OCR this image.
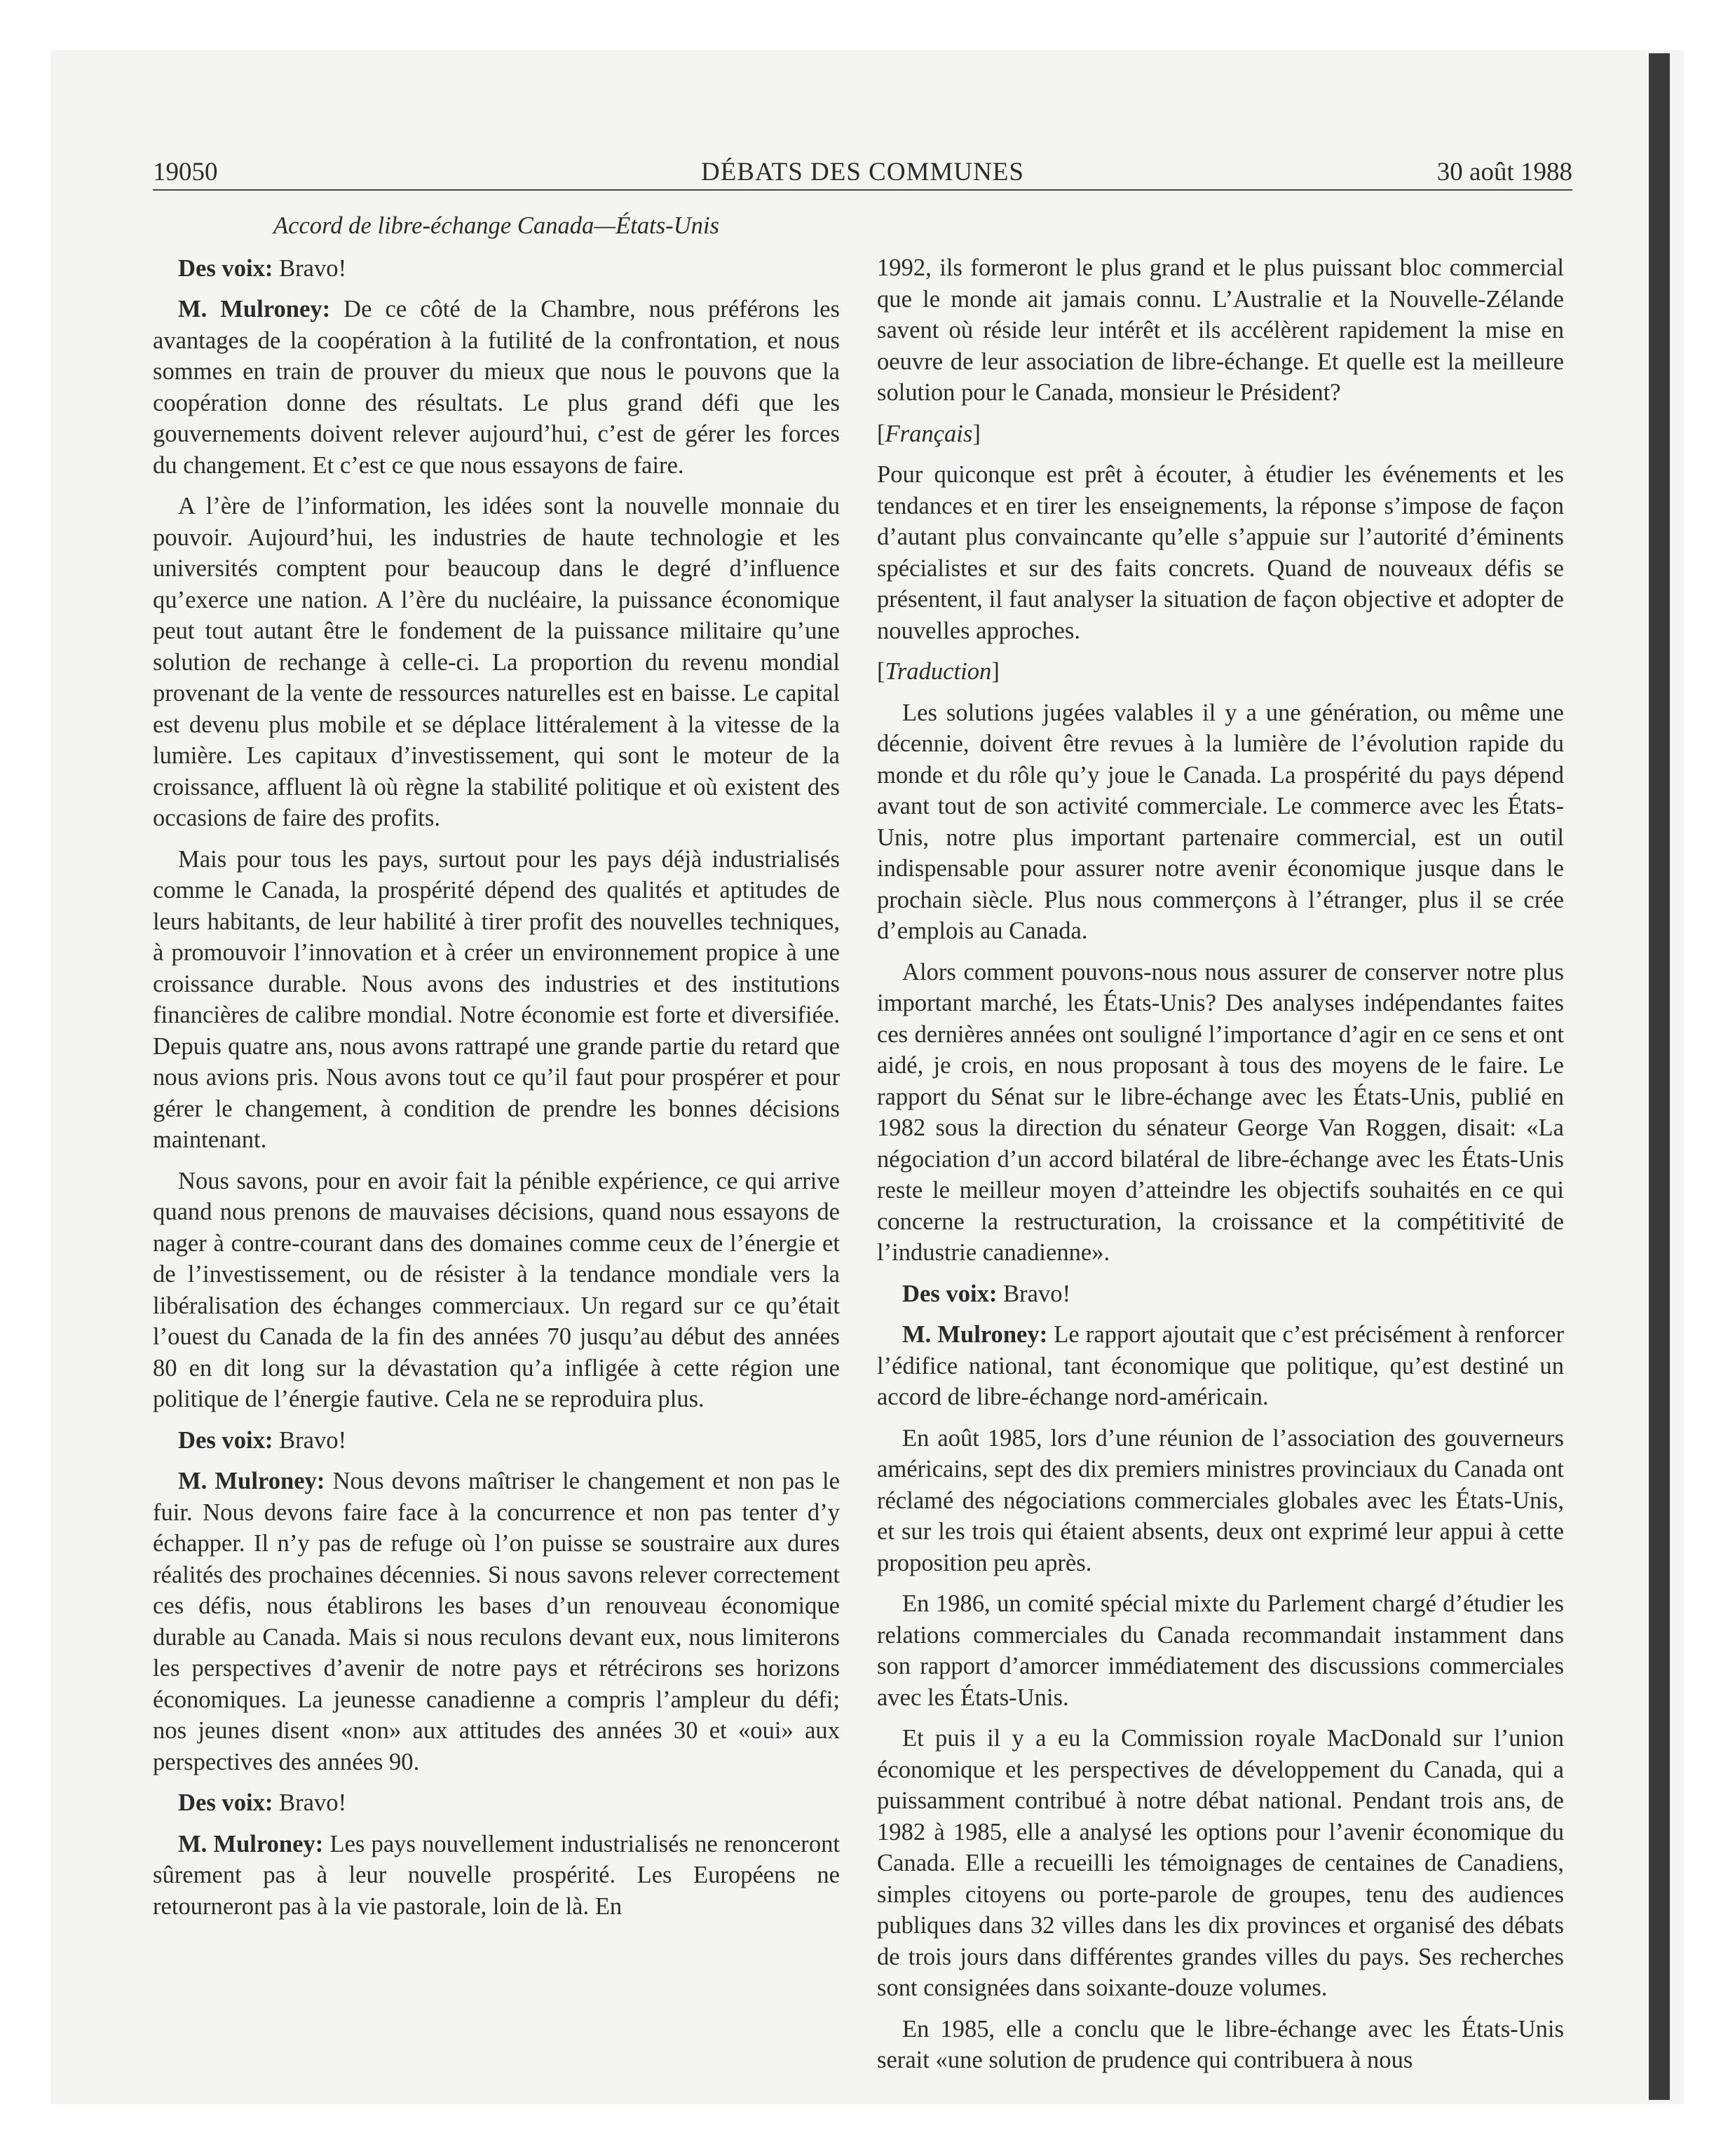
19050	DÉBATS DES COMMUNES	30 août 1988
Accord de libre-échange Canada—États-Unis
Des voix: Bravo!
M. Mulroney: De ce côté de la Chambre, nous préférons les avantages de la coopération à la futilité de la confrontation, et nous sommes en train de prouver du mieux que nous le pouvons que la coopération donne des résultats. Le plus grand défi que les gouvernements doivent relever aujourd’hui, c’est de gérer les forces du changement. Et c’est ce que nous essayons de faire.
A l’ère de l’information, les idées sont la nouvelle monnaie du pouvoir. Aujourd’hui, les industries de haute technologie et les universités comptent pour beaucoup dans le degré d’influence qu’exerce une nation. A l’ère du nucléaire, la puissance économique peut tout autant être le fondement de la puissance militaire qu’une solution de rechange à celle-ci. La proportion du revenu mondial provenant de la vente de ressources naturelles est en baisse. Le capital est devenu plus mobile et se déplace littéralement à la vitesse de la lumière. Les capitaux d’investissement, qui sont le moteur de la croissance, affluent là où règne la stabilité politique et où existent des occasions de faire des profits.
Mais pour tous les pays, surtout pour les pays déjà industrialisés comme le Canada, la prospérité dépend des qualités et aptitudes de leurs habitants, de leur habilité à tirer profit des nouvelles techniques, à promouvoir l’innovation et à créer un environnement propice à une croissance durable. Nous avons des industries et des institutions financières de calibre mondial. Notre économie est forte et diversifiée. Depuis quatre ans, nous avons rattrapé une grande partie du retard que nous avions pris. Nous avons tout ce qu’il faut pour prospérer et pour gérer le changement, à condition de prendre les bonnes décisions maintenant.
Nous savons, pour en avoir fait la pénible expérience, ce qui arrive quand nous prenons de mauvaises décisions, quand nous essayons de nager à contre-courant dans des domaines comme ceux de l’énergie et de l’investissement, ou de résister à la tendance mondiale vers la libéralisation des échanges commerciaux. Un regard sur ce qu’était l’ouest du Canada de la fin des années 70 jusqu’au début des années 80 en dit long sur la dévastation qu’a infligée à cette région une politique de l’énergie fautive. Cela ne se reproduira plus.
Des voix: Bravo!
M. Mulroney: Nous devons maîtriser le changement et non pas le fuir. Nous devons faire face à la concurrence et non pas tenter d’y échapper. Il n’y pas de refuge où l’on puisse se soustraire aux dures réalités des prochaines décennies. Si nous savons relever correctement ces défis, nous établirons les bases d’un renouveau économique durable au Canada. Mais si nous reculons devant eux, nous limiterons les perspectives d’avenir de notre pays et rétrécirons ses horizons économiques. La jeunesse canadienne a compris l’ampleur du défi; nos jeunes disent «non» aux attitudes des années 30 et «oui» aux perspectives des années 90.
Des voix: Bravo!
M. Mulroney: Les pays nouvellement industrialisés ne renonceront sûrement pas à leur nouvelle prospérité. Les Européens ne retourneront pas à la vie pastorale, loin de là. En
1992, ils formeront le plus grand et le plus puissant bloc commercial que le monde ait jamais connu. L’Australie et la Nouvelle-Zélande savent où réside leur intérêt et ils accélèrent rapidement la mise en oeuvre de leur association de libre-échange. Et quelle est la meilleure solution pour le Canada, monsieur le Président?
[Français]
Pour quiconque est prêt à écouter, à étudier les événements et les tendances et en tirer les enseignements, la réponse s’impose de façon d’autant plus convaincante qu’elle s’appuie sur l’autorité d’éminents spécialistes et sur des faits concrets. Quand de nouveaux défis se présentent, il faut analyser la situation de façon objective et adopter de nouvelles approches.
[Traduction]
Les solutions jugées valables il y a une génération, ou même une décennie, doivent être revues à la lumière de l’évolution rapide du monde et du rôle qu’y joue le Canada. La prospérité du pays dépend avant tout de son activité commerciale. Le commerce avec les États-Unis, notre plus important partenaire commercial, est un outil indispensable pour assurer notre avenir économique jusque dans le prochain siècle. Plus nous commerçons à l’étranger, plus il se crée d’emplois au Canada.
Alors comment pouvons-nous nous assurer de conserver notre plus important marché, les États-Unis? Des analyses indépendantes faites ces dernières années ont souligné l’importance d’agir en ce sens et ont aidé, je crois, en nous proposant à tous des moyens de le faire. Le rapport du Sénat sur le libre-échange avec les États-Unis, publié en 1982 sous la direction du sénateur George Van Roggen, disait: «La négociation d’un accord bilatéral de libre-échange avec les États-Unis reste le meilleur moyen d’atteindre les objectifs souhaités en ce qui concerne la restructuration, la croissance et la compétitivité de l’industrie canadienne».
Des voix: Bravo!
M. Mulroney: Le rapport ajoutait que c’est précisément à renforcer l’édifice national, tant économique que politique, qu’est destiné un accord de libre-échange nord-américain.
En août 1985, lors d’une réunion de l’association des gouverneurs américains, sept des dix premiers ministres provinciaux du Canada ont réclamé des négociations commerciales globales avec les États-Unis, et sur les trois qui étaient absents, deux ont exprimé leur appui à cette proposition peu après.
En 1986, un comité spécial mixte du Parlement chargé d’étudier les relations commerciales du Canada recommandait instamment dans son rapport d’amorcer immédiatement des discussions commerciales avec les États-Unis.
Et puis il y a eu la Commission royale MacDonald sur l’union économique et les perspectives de développement du Canada, qui a puissamment contribué à notre débat national. Pendant trois ans, de 1982 à 1985, elle a analysé les options pour l’avenir économique du Canada. Elle a recueilli les témoignages de centaines de Canadiens, simples citoyens ou porte-parole de groupes, tenu des audiences publiques dans 32 villes dans les dix provinces et organisé des débats de trois jours dans différentes grandes villes du pays. Ses recherches sont consignées dans soixante-douze volumes.
En 1985, elle a conclu que le libre-échange avec les États-Unis serait «une solution de prudence qui contribuera à nous
